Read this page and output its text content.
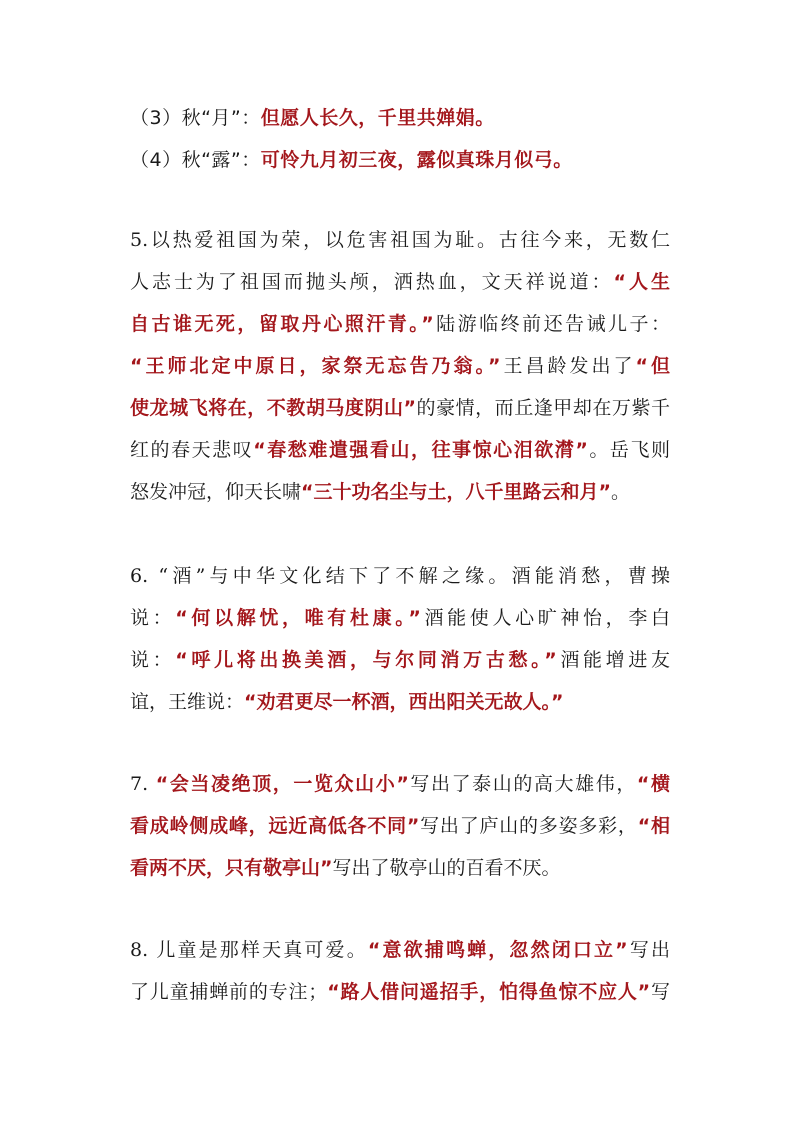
（3）秋“月”：但愿人长久，千里共婵娟。
（4）秋“露”：可怜九月初三夜，露似真珠月似弓。
5.以热爱祖国为荣，以危害祖国为耻。古往今来，无数仁
人志士为了祖国而抛头颅，洒热血，文天祥说道：“人生
自古谁无死，留取丹心照汗青。”陆游临终前还告诫儿子：
“王师北定中原日，家祭无忘告乃翁。”王昌龄发出了“但
使龙城飞将在，不教胡马度阴山”的豪情，而丘逢甲却在万紫千
红的春天悲叹“春愁难遣强看山，往事惊心泪欲潸”。岳飞则
怒发冲冠，仰天长啸“三十功名尘与土，八千里路云和月”。
6. “酒”与中华文化结下了不解之缘。酒能消愁，曹操
说：“何以解忧，唯有杜康。”酒能使人心旷神怡，李白
说：“呼儿将出换美酒，与尔同消万古愁。”酒能增进友
谊，王维说：“劝君更尽一杯酒，西出阳关无故人。”
7. “会当凌绝顶，一览众山小”写出了泰山的高大雄伟，“横
看成岭侧成峰，远近高低各不同”写出了庐山的多姿多彩，“相
看两不厌，只有敬亭山”写出了敬亭山的百看不厌。
8. 儿童是那样天真可爱。“意欲捕鸣蝉，忽然闭口立”写出
了儿童捕蝉前的专注；“路人借问遥招手，怕得鱼惊不应人”写
